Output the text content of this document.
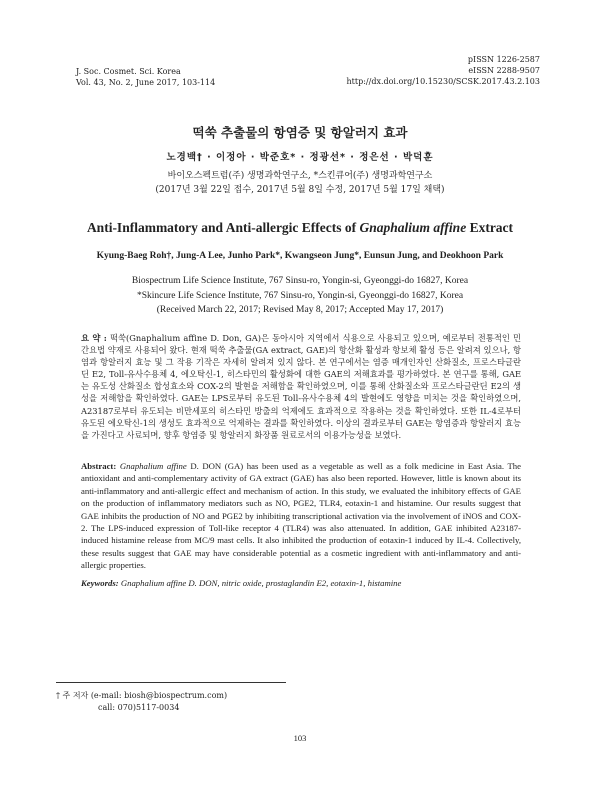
J. Soc. Cosmet. Sci. Korea
Vol. 43, No. 2, June 2017, 103-114
pISSN 1226-2587
eISSN 2288-9507
http://dx.doi.org/10.15230/SCSK.2017.43.2.103
떡쑥 추출물의 항염증 및 항알러지 효과
노경백† · 이정아 · 박준호* · 정광선* · 정은선 · 박덕훈
바이오스펙트럼(주) 생명과학연구소, *스킨큐어(주) 생명과학연구소
(2017년 3월 22일 접수, 2017년 5월 8일 수정, 2017년 5월 17일 채택)
Anti-Inflammatory and Anti-allergic Effects of Gnaphalium affine Extract
Kyung-Baeg Roh†, Jung-A Lee, Junho Park*, Kwangseon Jung*, Eunsun Jung, and Deokhoon Park
Biospectrum Life Science Institute, 767 Sinsu-ro, Yongin-si, Gyeonggi-do 16827, Korea
*Skincure Life Science Institute, 767 Sinsu-ro, Yongin-si, Gyeonggi-do 16827, Korea
(Received March 22, 2017; Revised May 8, 2017; Accepted May 17, 2017)
요 약 : 떡쑥(Gnaphalium affine D. Don, GA)은 동아시아 지역에서 식용으로 사용되고 있으며, 예로부터 전통적인 민간요법 약재로 사용되어 왔다. 현재 떡쑥 추출물(GA extract, GAE)의 항산화 활성과 항보체 활성 등은 알려져 있으나, 항염과 항알러지 효능 및 그 작용 기작은 자세히 알려져 있지 않다. 본 연구에서는 염증 매개인자인 산화질소, 프로스타글란딘 E2, Toll-유사수용체 4, 에오탁신-1, 히스타민의 활성화에 대한 GAE의 저해효과를 평가하였다. 본 연구를 통해, GAE는 유도성 산화질소 합성효소와 COX-2의 발현을 저해함을 확인하였으며, 이를 통해 산화질소와 프로스타글란딘 E2의 생성을 저해함을 확인하였다. GAE는 LPS로부터 유도된 Toll-유사수용체 4의 발현에도 영향을 미치는 것을 확인하였으며, A23187로부터 유도되는 비만세포의 히스타민 방출의 억제에도 효과적으로 작용하는 것을 확인하였다. 또한 IL-4로부터 유도된 에오탁신-1의 생성도 효과적으로 억제하는 결과를 확인하였다. 이상의 결과로부터 GAE는 항염증과 항알러지 효능을 가진다고 사료되며, 향후 항염증 및 항알러지 화장품 원료로서의 이용가능성을 보였다.
Abstract: Gnaphalium affine D. DON (GA) has been used as a vegetable as well as a folk medicine in East Asia. The antioxidant and anti-complementary activity of GA extract (GAE) has also been reported. However, little is known about its anti-inflammatory and anti-allergic effect and mechanism of action. In this study, we evaluated the inhibitory effects of GAE on the production of inflammatory mediators such as NO, PGE2, TLR4, eotaxin-1 and histamine. Our results suggest that GAE inhibits the production of NO and PGE2 by inhibiting transcriptional activation via the involvement of iNOS and COX-2. The LPS-induced expression of Toll-like receptor 4 (TLR4) was also attenuated. In addition, GAE inhibited A23187-induced histamine release from MC/9 mast cells. It also inhibited the production of eotaxin-1 induced by IL-4. Collectively, these results suggest that GAE may have considerable potential as a cosmetic ingredient with anti-inflammatory and anti-allergic properties.
Keywords: Gnaphalium affine D. DON, nitric oxide, prostaglandin E2, eotaxin-1, histamine
† 주 저자 (e-mail: biosh@biospectrum.com)
call: 070)5117-0034
103
